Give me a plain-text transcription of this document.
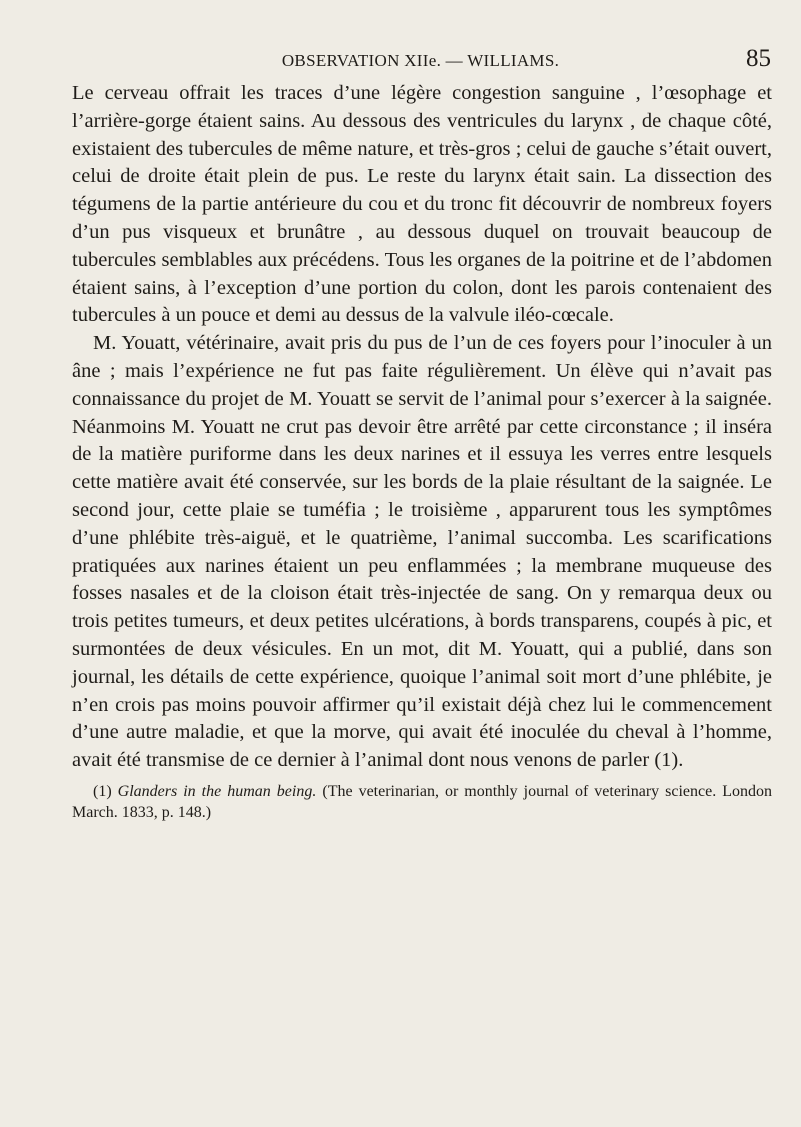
OBSERVATION XIIe. — WILLIAMS.	85

Le cerveau offrait les traces d’une légère congestion sanguine , l’œsophage et l’arrière-gorge étaient sains. Au dessous des ventricules du larynx , de chaque côté, existaient des tubercules de même nature, et très-gros ; celui de gauche s’était ouvert, celui de droite était plein de pus. Le reste du larynx était sain. La dissection des tégumens de la partie antérieure du cou et du tronc fit découvrir de nombreux foyers d’un pus visqueux et brunâtre , au dessous duquel on trouvait beaucoup de tubercules semblables aux précédens. Tous les organes de la poitrine et de l’abdomen étaient sains, à l’exception d’une portion du colon, dont les parois contenaient des tubercules à un pouce et demi au dessus de la valvule iléo-cœcale.

M. Youatt, vétérinaire, avait pris du pus de l’un de ces foyers pour l’inoculer à un âne ; mais l’expérience ne fut pas faite régulièrement. Un élève qui n’avait pas connaissance du projet de M. Youatt se servit de l’animal pour s’exercer à la saignée. Néanmoins M. Youatt ne crut pas devoir être arrêté par cette circonstance ; il inséra de la matière puriforme dans les deux narines et il essuya les verres entre lesquels cette matière avait été conservée, sur les bords de la plaie résultant de la saignée. Le second jour, cette plaie se tuméfia ; le troisième , apparurent tous les symptômes d’une phlébite très-aiguë, et le quatrième, l’animal succomba. Les scarifications pratiquées aux narines étaient un peu enflammées ; la membrane muqueuse des fosses nasales et de la cloison était très-injectée de sang. On y remarqua deux ou trois petites tumeurs, et deux petites ulcérations, à bords transparens, coupés à pic, et surmontées de deux vésicules. En un mot, dit M. Youatt, qui a publié, dans son journal, les détails de cette expérience, quoique l’animal soit mort d’une phlébite, je n’en crois pas moins pouvoir affirmer qu’il existait déjà chez lui le commencement d’une autre maladie, et que la morve, qui avait été inoculée du cheval à l’homme, avait été transmise de ce dernier à l’animal dont nous venons de parler (1).

(1) Glanders in the human being. (The veterinarian, or monthly journal of veterinary science. London March. 1833, p. 148.)
